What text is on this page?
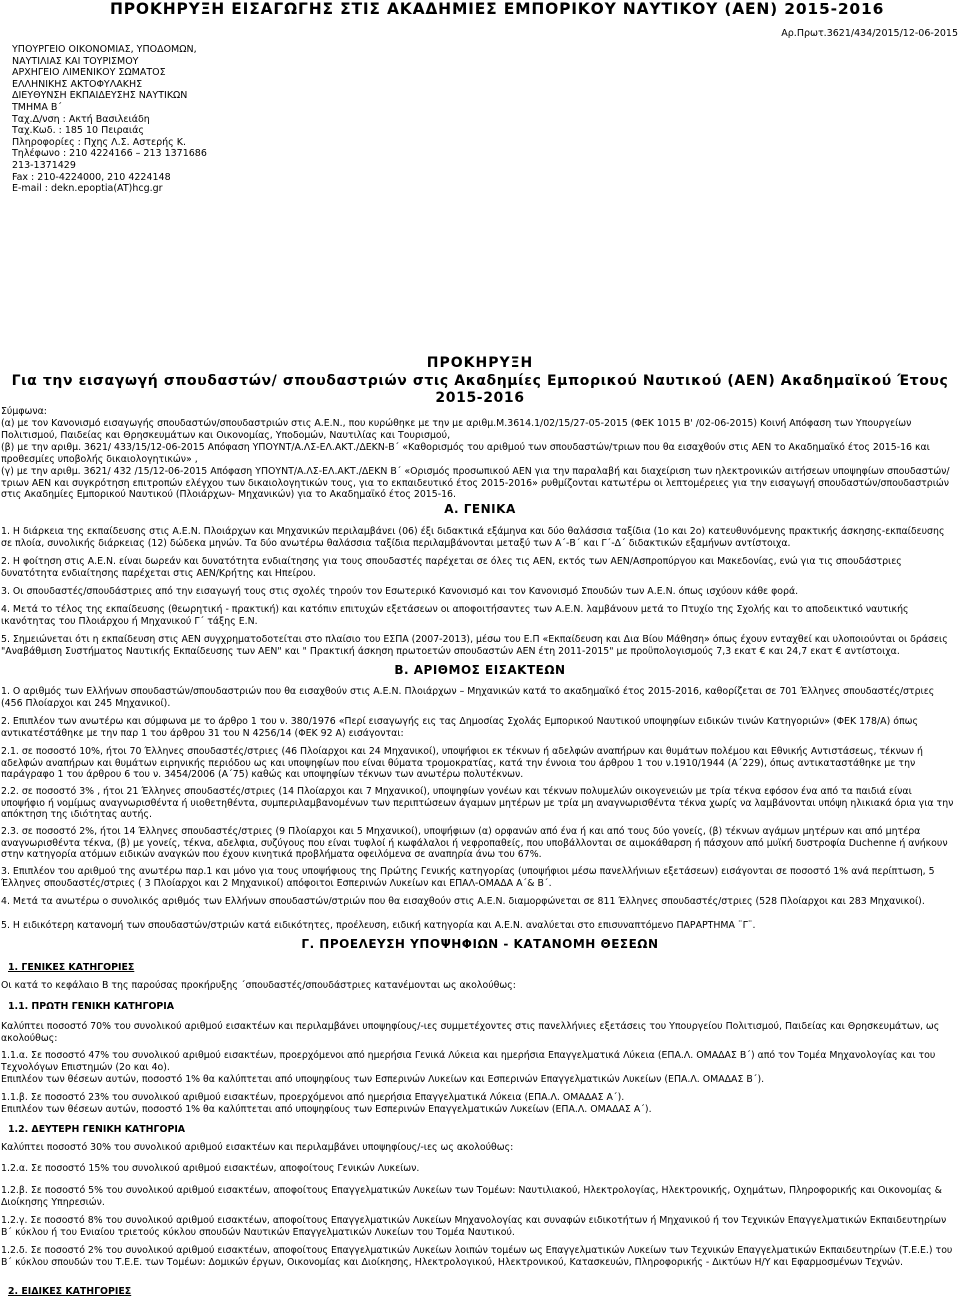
ΠΡΟΚΗΡΥΞΗ ΕΙΣΑΓΩΓΗΣ ΣΤΙΣ ΑΚΑΔΗΜΙΕΣ ΕΜΠΟΡΙΚΟΥ ΝΑΥΤΙΚΟΥ (ΑΕΝ) 2015-2016
Αρ.Πρωτ.3621/434/2015/12-06-2015
ΥΠΟΥΡΓΕΙΟ ΟΙΚΟΝΟΜΙΑΣ, ΥΠΟΔΟΜΩΝ,
ΝΑΥΤΙΛΙΑΣ ΚΑΙ ΤΟΥΡΙΣΜΟΥ
ΑΡΧΗΓΕΙΟ ΛΙΜΕΝΙΚΟΥ ΣΩΜΑΤΟΣ
ΕΛΛΗΝΙΚΗΣ ΑΚΤΟΦΥΛΑΚΗΣ
ΔΙΕΥΘΥΝΣΗ ΕΚΠΑΙΔΕΥΣΗΣ ΝΑΥΤΙΚΩΝ
ΤΜΗΜΑ Β΄
Ταχ.Δ/νση : Ακτή Βασιλειάδη
Ταχ.Κωδ. : 185 10 Πειραιάς
Πληροφορίες : Πχης Λ.Σ. Αστερής Κ.
Τηλέφωνο : 210 4224166 – 213 1371686
213-1371429
Fax : 210-4224000, 210 4224148
E-mail : dekn.epoptia(AT)hcg.gr
ΠΡΟΚΗΡΥΞΗ
Για την εισαγωγή σπουδαστών/ σπουδαστριών στις Ακαδημίες Εμπορικού Ναυτικού (ΑΕΝ) Ακαδημαϊκού Έτους 2015-2016
Σύμφωνα:
(α) με τον Κανονισμό εισαγωγής σπουδαστών/σπουδαστριών στις Α.Ε.Ν., που κυρώθηκε με την με αριθμ.Μ.3614.1/02/15/27-05-2015 (ΦΕΚ 1015 Β' /02-06-2015) Κοινή Απόφαση των Υπουργείων Πολιτισμού, Παιδείας και Θρησκευμάτων και Οικονομίας, Υποδομών, Ναυτιλίας και Τουρισμού,
(β) με την αριθμ. 3621/ 433/15/12-06-2015 Απόφαση ΥΠΟΥΝΤ/Α.ΛΣ-ΕΛ.ΑΚΤ./ΔΕΚΝ-Β΄ «Καθορισμός του αριθμού των σπουδαστών/τριων που θα εισαχθούν στις ΑΕΝ το Ακαδημαϊκό έτος 2015-16 και προθεσμίες υποβολής δικαιολογητικών» ,
(γ) με την αριθμ. 3621/ 432 /15/12-06-2015 Απόφαση ΥΠΟΥΝΤ/Α.ΛΣ-ΕΛ.ΑΚΤ./ΔΕΚΝ Β΄ «Ορισμός προσωπικού ΑΕΝ για την παραλαβή και διαχείριση των ηλεκτρονικών αιτήσεων υποψηφίων σπουδαστών/τριων ΑΕΝ και συγκρότηση επιτροπών ελέγχου των δικαιολογητικών τους, για το εκπαιδευτικό έτος 2015-2016» ρυθμίζονται κατωτέρω οι λεπτομέρειες για την εισαγωγή σπουδαστών/σπουδαστριών στις Ακαδημίες Εμπορικού Ναυτικού (Πλοιάρχων- Μηχανικών) για το Ακαδημαϊκό έτος 2015-16.
Α. ΓΕΝΙΚΑ
1. Η διάρκεια της εκπαίδευσης στις Α.Ε.Ν. Πλοιάρχων και Μηχανικών περιλαμβάνει (06) έξι διδακτικά εξάμηνα και δύο θαλάσσια ταξίδια (1ο και 2ο) κατευθυνόμενης πρακτικής άσκησης-εκπαίδευσης σε πλοία, συνολικής διάρκειας (12) δώδεκα μηνών. Τα δύο ανωτέρω θαλάσσια ταξίδια περιλαμβάνονται μεταξύ των Α΄-Β΄ και Γ΄-Δ΄ διδακτικών εξαμήνων αντίστοιχα.
2. Η φοίτηση στις Α.Ε.Ν. είναι δωρεάν και δυνατότητα ενδιαίτησης για τους σπουδαστές παρέχεται σε όλες τις ΑΕΝ, εκτός των ΑΕΝ/Ασπροπύργου και Μακεδονίας, ενώ για τις σπουδάστριες δυνατότητα ενδιαίτησης παρέχεται στις ΑΕΝ/Κρήτης και Ηπείρου.
3. Οι σπουδαστές/σπουδάστριες από την εισαγωγή τους στις σχολές τηρούν τον Εσωτερικό Κανονισμό και τον Κανονισμό Σπουδών των Α.Ε.Ν. όπως ισχύουν κάθε φορά.
4. Μετά το τέλος της εκπαίδευσης (θεωρητική - πρακτική) και κατόπιν επιτυχών εξετάσεων οι αποφοιτήσαντες των Α.Ε.Ν. λαμβάνουν μετά το Πτυχίο της Σχολής και το αποδεικτικό ναυτικής ικανότητας του Πλοιάρχου ή Μηχανικού Γ΄ τάξης Ε.Ν.
5. Σημειώνεται ότι η εκπαίδευση στις ΑΕΝ συγχρηματοδοτείται στο πλαίσιο του ΕΣΠΑ (2007-2013), μέσω του Ε.Π «Εκπαίδευση και Δια Βίου Μάθηση» όπως έχουν ενταχθεί και υλοποιούνται οι δράσεις "Αναβάθμιση Συστήματος Ναυτικής Εκπαίδευσης των ΑΕΝ" και " Πρακτική άσκηση πρωτοετών σπουδαστών ΑΕΝ έτη 2011-2015" με προϋπολογισμούς 7,3 εκατ € και 24,7 εκατ € αντίστοιχα.
Β. ΑΡΙΘΜΟΣ ΕΙΣΑΚΤΕΩΝ
1. Ο αριθμός των Ελλήνων σπουδαστών/σπουδαστριών που θα εισαχθούν στις Α.Ε.Ν. Πλοιάρχων – Μηχανικών κατά το ακαδημαϊκό έτος 2015-2016, καθορίζεται σε 701 Έλληνες σπουδαστές/στριες (456 Πλοίαρχοι και 245 Μηχανικοί).
2. Επιπλέον των ανωτέρω και σύμφωνα με το άρθρο 1 του ν. 380/1976 «Περί εισαγωγής εις τας Δημοσίας Σχολάς Εμπορικού Ναυτικού υποψηφίων ειδικών τινών Κατηγοριών» (ΦΕΚ 178/Α) όπως αντικατέστάθηκε με την παρ 1 του άρθρου 31 του Ν 4256/14 (ΦΕΚ 92 Α) εισάγονται:
2.1. σε ποσοστό 10%, ήτοι 70 Έλληνες σπουδαστές/στριες (46 Πλοίαρχοι και 24 Μηχανικοί), υποψήφιοι εκ τέκνων ή αδελφών αναπήρων και θυμάτων πολέμου και Εθνικής Αντιστάσεως, τέκνων ή αδελφών αναπήρων και θυμάτων ειρηνικής περιόδου ως και υποψηφίων που είναι θύματα τρομοκρατίας, κατά την έννοια του άρθρου 1 του ν.1910/1944 (Α΄229), όπως αντικαταστάθηκε με την παράγραφο 1 του άρθρου 6 του ν. 3454/2006 (Α΄75) καθώς και υποψηφίων τέκνων των ανωτέρω πολυτέκνων.
2.2. σε ποσοστό 3% , ήτοι 21 Έλληνες σπουδαστές/στριες (14 Πλοίαρχοι και 7 Μηχανικοί), υποψηφίων γονέων και τέκνων πολυμελών οικογενειών με τρία τέκνα εφόσον ένα από τα παιδιά είναι υποψήφιο ή νομίμως αναγνωρισθέντα ή υιοθετηθέντα, συμπεριλαμβανομένων των περιπτώσεων άγαμων μητέρων με τρία μη αναγνωρισθέντα τέκνα χωρίς να λαμβάνονται υπόψη ηλικιακά όρια για την απόκτηση της ιδιότητας αυτής.
2.3. σε ποσοστό 2%, ήτοι 14 Έλληνες σπουδαστές/στριες (9 Πλοίαρχοι και 5 Μηχανικοί), υποψήφιων (α) ορφανών από ένα ή και από τους δύο γονείς, (β) τέκνων αγάμων μητέρων και από μητέρα αναγνωρισθέντα τέκνα, (β) με γονείς, τέκνα, αδελφια, συζύγους που είναι τυφλοί ή κωφάλαλοι ή νεφροπαθείς, που υποβάλλονται σε αιμοκάθαρση ή πάσχουν από μυϊκή δυστροφία Duchenne ή ανήκουν στην κατηγορία ατόμων ειδικών αναγκών που έχουν κινητικά προβλήματα οφειλόμενα σε αναπηρία άνω του 67%.
3. Επιπλέον του αριθμού της ανωτέρω παρ.1 και μόνο για τους υποψήφιους της Πρώτης Γενικής κατηγορίας (υποψήφιοι μέσω πανελλήνιων εξετάσεων) εισάγονται σε ποσοστό 1% ανά περίπτωση, 5 Έλληνες σπουδαστές/στριες ( 3 Πλοίαρχοι και 2 Μηχανικοί) απόφοιτοι Εσπερινών Λυκείων και ΕΠΑΛ-ΟΜΑΔΑ Α΄& Β΄.
4. Μετά τα ανωτέρω ο συνολικός αριθμός των Ελλήνων σπουδαστών/στριών που θα εισαχθούν στις Α.Ε.Ν. διαμορφώνεται σε 811 Έλληνες σπουδαστές/στριες (528 Πλοίαρχοι και 283 Μηχανικοί).
5. Η ειδικότερη κατανομή των σπουδαστών/στριών κατά ειδικότητες, προέλευση, ειδική κατηγορία και Α.Ε.Ν. αναλύεται στο επισυναπτόμενο ΠΑΡΑΡΤΗΜΑ ¨Γ¨.
Γ. ΠΡΟΕΛΕΥΣΗ ΥΠΟΨΗΦΙΩΝ - ΚΑΤΑΝΟΜΗ ΘΕΣΕΩΝ
1. ΓΕΝΙΚΕΣ ΚΑΤΗΓΟΡΙΕΣ
Οι κατά το κεφάλαιο Β της παρούσας προκήρυξης ΄σπουδαστές/σπουδάστριες κατανέμονται ως ακολούθως:
1.1. ΠΡΩΤΗ ΓΕΝΙΚΗ ΚΑΤΗΓΟΡΙΑ
Καλύπτει ποσοστό 70% του συνολικού αριθμού εισακτέων και περιλαμβάνει υποψηφίους/-ιες συμμετέχοντες στις πανελλήνιες εξετάσεις του Υπουργείου Πολιτισμού, Παιδείας και Θρησκευμάτων, ως ακολούθως:
1.1.α. Σε ποσοστό 47% του συνολικού αριθμού εισακτέων, προερχόμενοι από ημερήσια Γενικά Λύκεια και ημερήσια Επαγγελματικά Λύκεια (ΕΠΑ.Λ. ΟΜΑΔΑΣ Β΄) από τον Τομέα Μηχανολογίας και του Τεχνολόγων Επιστημών (2ο και 4ο).
Επιπλέον των θέσεων αυτών, ποσοστό 1% θα καλύπτεται από υποψηφίους των Εσπερινών Λυκείων και Εσπερινών Επαγγελματικών Λυκείων (ΕΠΑ.Λ. ΟΜΑΔΑΣ Β΄).
1.1.β. Σε ποσοστό 23% του συνολικού αριθμού εισακτέων, προερχόμενοι από ημερήσια Επαγγελματικά Λύκεια (ΕΠΑ.Λ. ΟΜΑΔΑΣ Α΄).
Επιπλέον των θέσεων αυτών, ποσοστό 1% θα καλύπτεται από υποψηφίους των Εσπερινών Επαγγελματικών Λυκείων (ΕΠΑ.Λ. ΟΜΑΔΑΣ Α΄).
1.2. ΔΕΥΤΕΡΗ ΓΕΝΙΚΗ ΚΑΤΗΓΟΡΙΑ
Καλύπτει ποσοστό 30% του συνολικού αριθμού εισακτέων και περιλαμβάνει υποψηφίους/-ιες ως ακολούθως:
1.2.α. Σε ποσοστό 15% του συνολικού αριθμού εισακτέων, αποφοίτους Γενικών Λυκείων.
1.2.β. Σε ποσοστό 5% του συνολικού αριθμού εισακτέων, αποφοίτους Επαγγελματικών Λυκείων των Τομέων: Ναυτιλιακού, Ηλεκτρολογίας, Ηλεκτρονικής, Οχημάτων, Πληροφορικής και Οικονομίας & Διοίκησης Υπηρεσιών.
1.2.γ. Σε ποσοστό 8% του συνολικού αριθμού εισακτέων, αποφοίτους Επαγγελματικών Λυκείων Μηχανολογίας και συναφών ειδικοτήτων ή Μηχανικού ή τον Τεχνικών Επαγγελματικών Εκπαιδευτηρίων Β΄ κύκλου ή του Ενιαίου τριετούς κύκλου σπουδών Ναυτικών Επαγγελματικών Λυκείων του Τομέα Ναυτικού.
1.2.δ. Σε ποσοστό 2% του συνολικού αριθμού εισακτέων, αποφοίτους Επαγγελματικών Λυκείων λοιπών τομέων ως Επαγγελματικών Λυκείων των Τεχνικών Επαγγελματικών Εκπαιδευτηρίων (Τ.Ε.Ε.) του Β΄ κύκλου σπουδών του Τ.Ε.Ε. των Τομέων: Δομικών έργων, Οικονομίας και Διοίκησης, Ηλεκτρολογικού, Ηλεκτρονικού, Κατασκευών, Πληροφορικής - Δικτύων Η/Υ και Εφαρμοσμένων Τεχνών.
2. ΕΙΔΙΚΕΣ ΚΑΤΗΓΟΡΙΕΣ
